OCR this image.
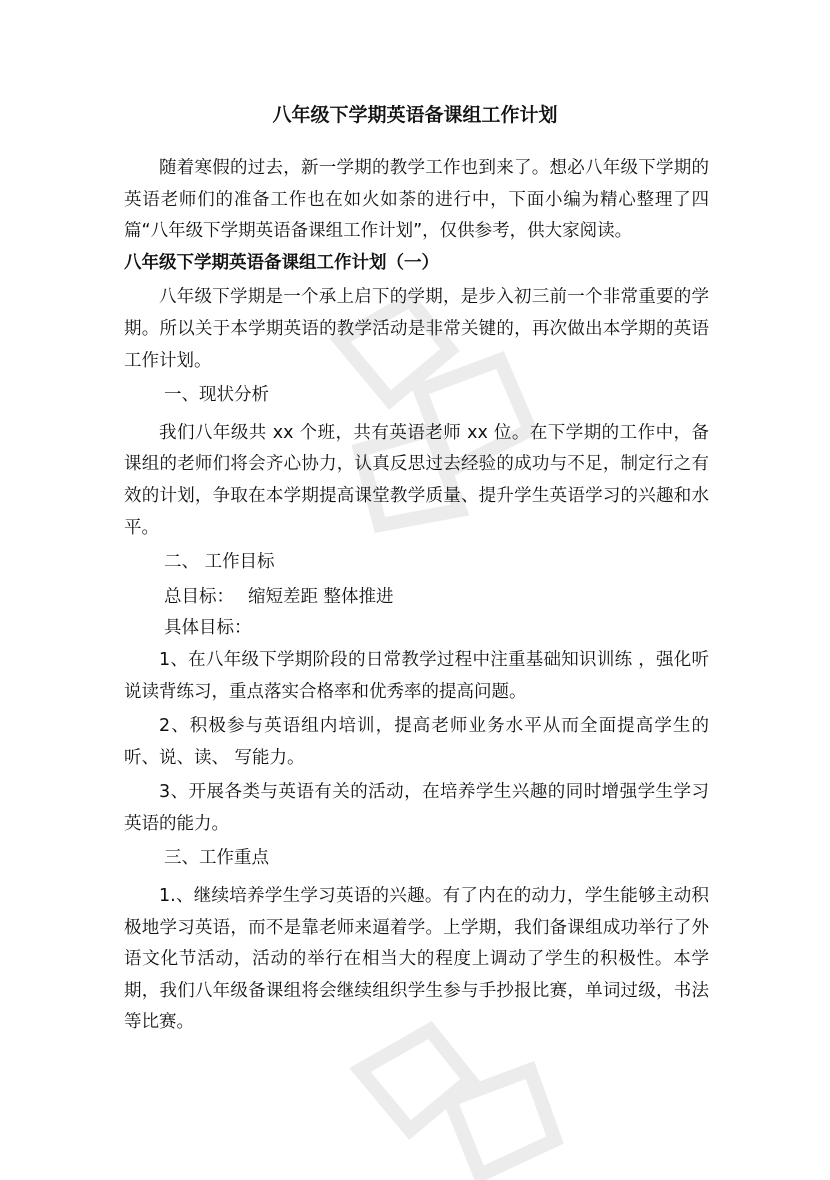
八年级下学期英语备课组工作计划

随着寒假的过去，新一学期的教学工作也到来了。想必八年级下学期的英语老师们的准备工作也在如火如荼的进行中，下面小编为精心整理了四篇“八年级下学期英语备课组工作计划”，仅供参考，供大家阅读。

八年级下学期英语备课组工作计划（一）

八年级下学期是一个承上启下的学期，是步入初三前一个非常重要的学期。所以关于本学期英语的教学活动是非常关键的，再次做出本学期的英语工作计划。

一、现状分析

我们八年级共 xx 个班，共有英语老师 xx 位。在下学期的工作中，备课组的老师们将会齐心协力，认真反思过去经验的成功与不足，制定行之有效的计划，争取在本学期提高课堂教学质量、提升学生英语学习的兴趣和水平。

二、 工作目标

总目标： 缩短差距 整体推进

具体目标：

1、在八年级下学期阶段的日常教学过程中注重基础知识训练 ，强化听说读背练习，重点落实合格率和优秀率的提高问题。

2、积极参与英语组内培训，提高老师业务水平从而全面提高学生的听、说、读、 写能力。

3、开展各类与英语有关的活动，在培养学生兴趣的同时增强学生学习英语的能力。

三、工作重点

1.、继续培养学生学习英语的兴趣。有了内在的动力，学生能够主动积极地学习英语，而不是靠老师来逼着学。上学期，我们备课组成功举行了外语文化节活动，活动的举行在相当大的程度上调动了学生的积极性。本学期，我们八年级备课组将会继续组织学生参与手抄报比赛，单词过级，书法等比赛。
